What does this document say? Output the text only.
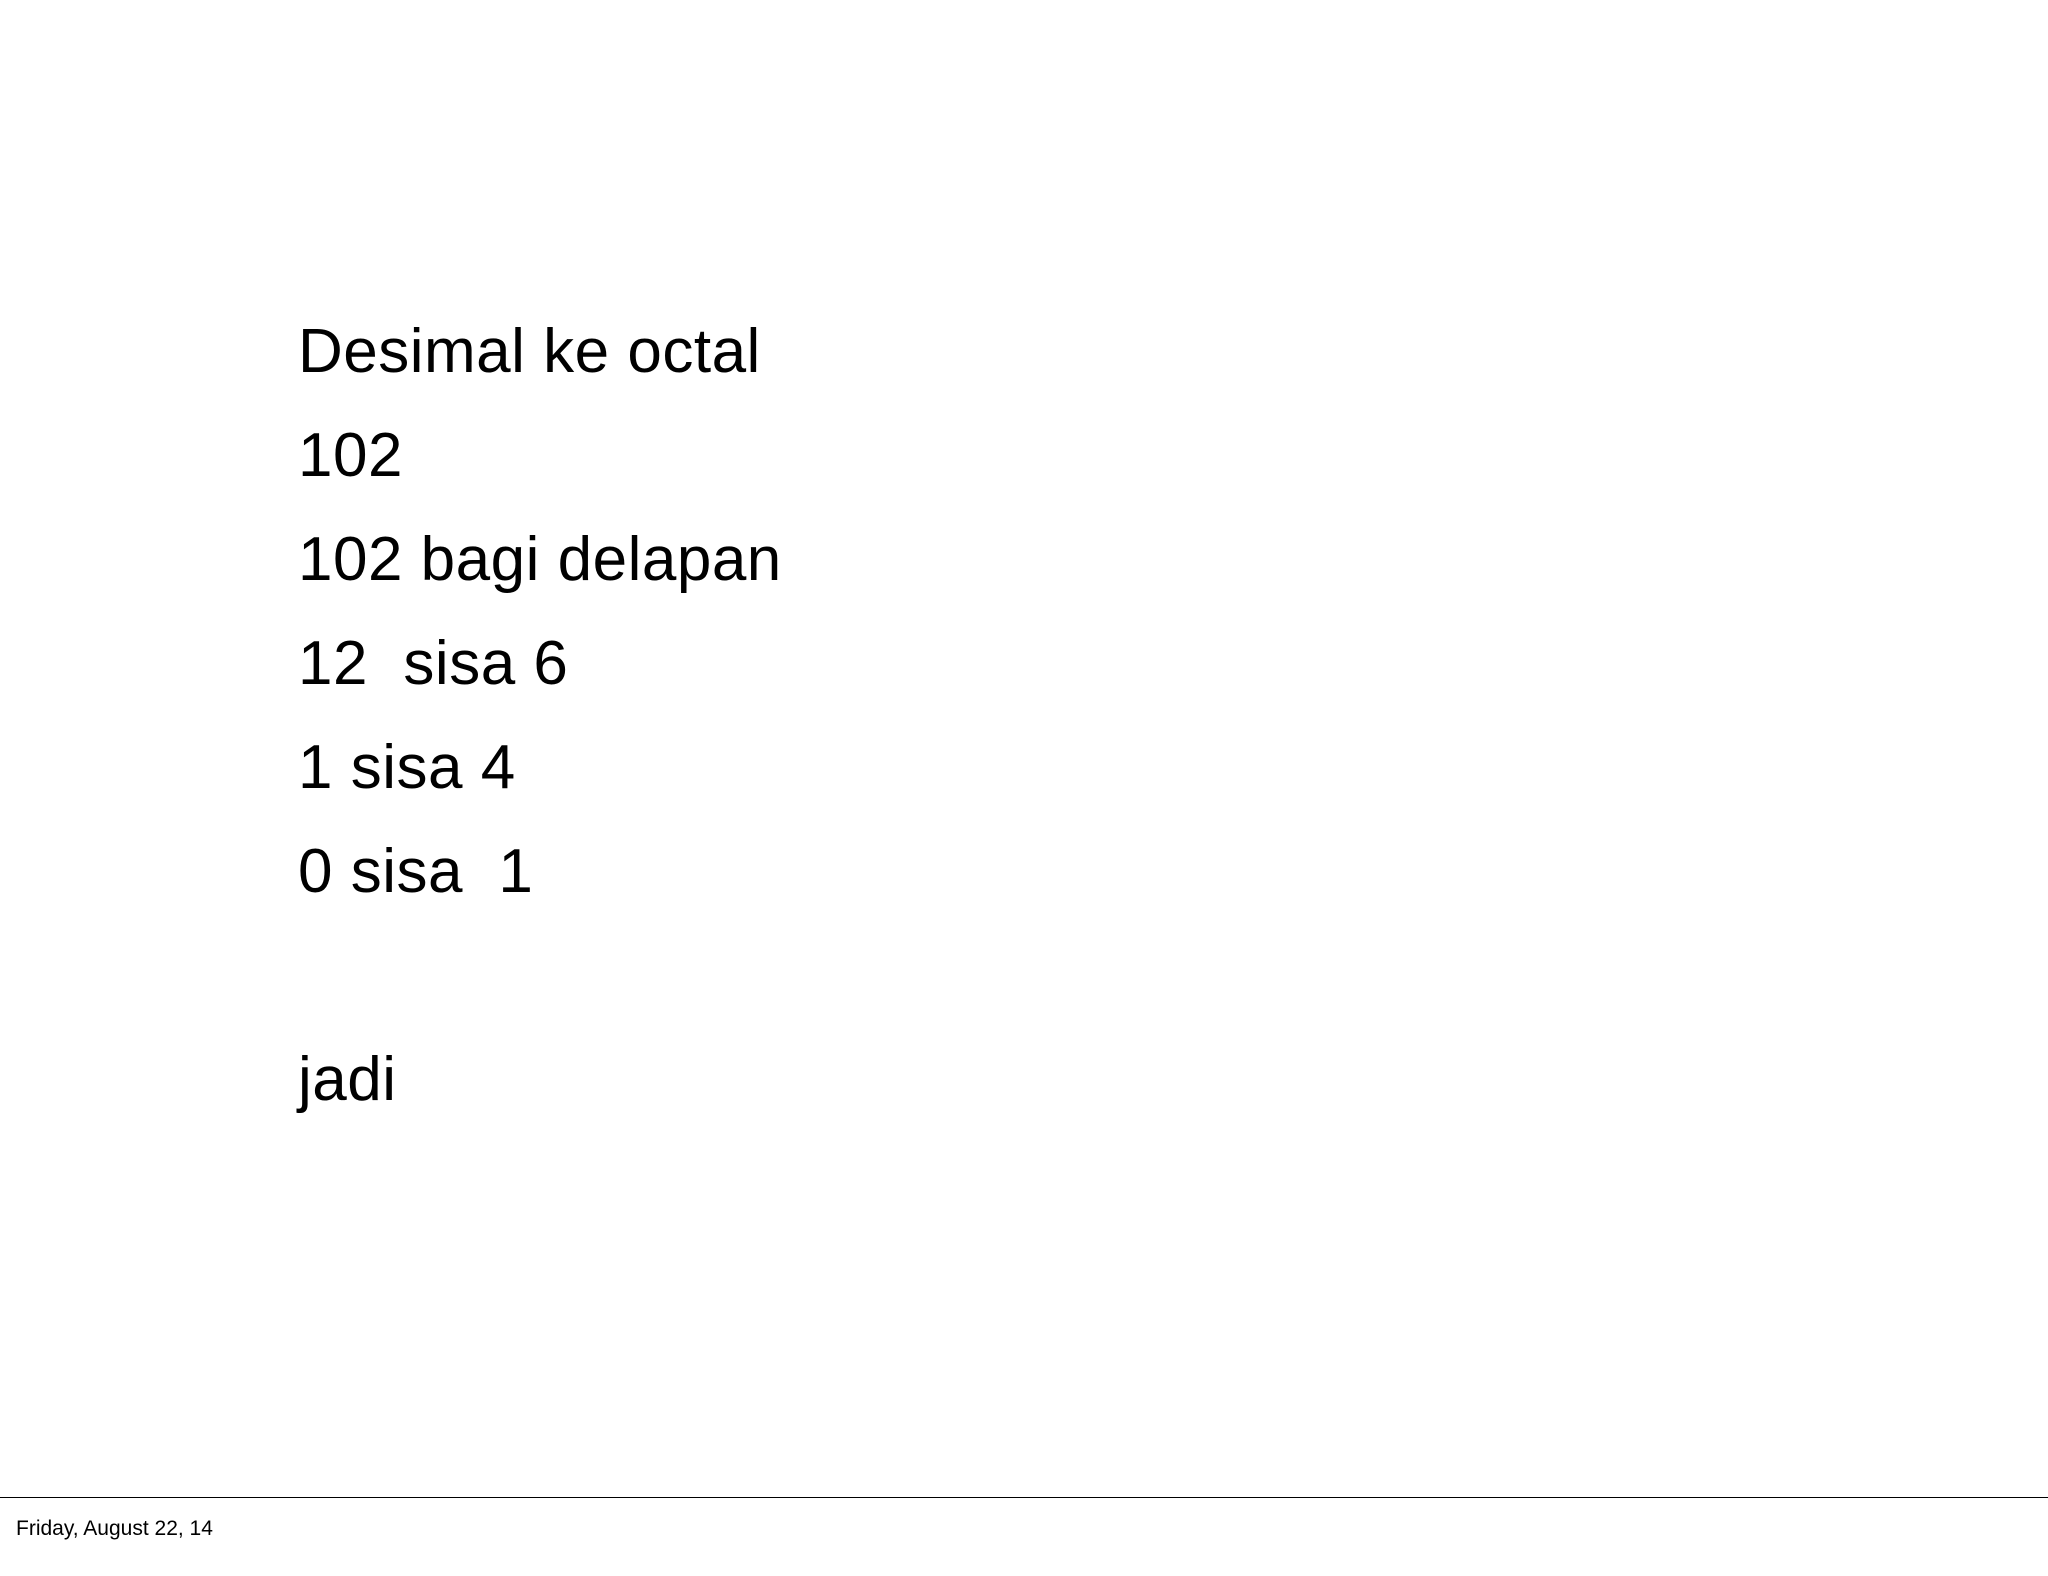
Desimal ke octal
102
102 bagi delapan
12  sisa 6
1 sisa 4
0 sisa  1
jadi
Friday, August 22, 14
